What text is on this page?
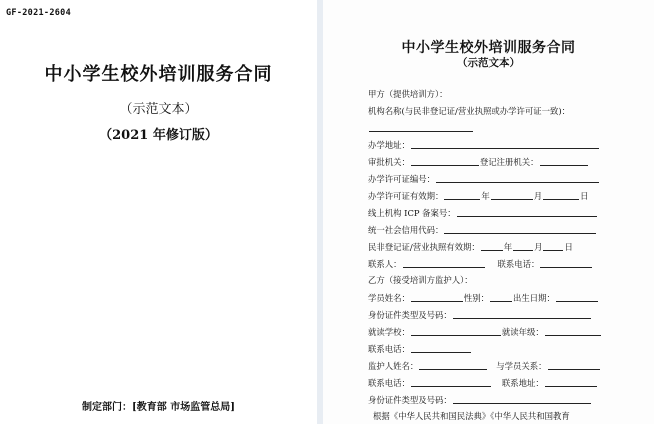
GF-2021-2604
中小学生校外培训服务合同
（示范文本）
（2021 年修订版）
制定部门：[教育部 市场监管总局]
中小学生校外培训服务合同
（示范文本）
甲方（提供培训方）：
机构名称(与民非登记证/营业执照或办学许可证一致)：
办学地址：
审批机关：	登记注册机关：
办学许可证编号：
办学许可证有效期：	年	月	日
线上机构 ICP 备案号：
统一社会信用代码：
民非登记证/营业执照有效期：	年	月	日
联系人：	联系电话：
乙方（接受培训方监护人）：
学员姓名：	性别：	出生日期：
身份证件类型及号码：
就读学校：	就读年级：
联系电话：
监护人姓名：	与学员关系：
联系电话：	联系地址：
身份证件类型及号码：
根据《中华人民共和国民法典》《中华人民共和国教育
